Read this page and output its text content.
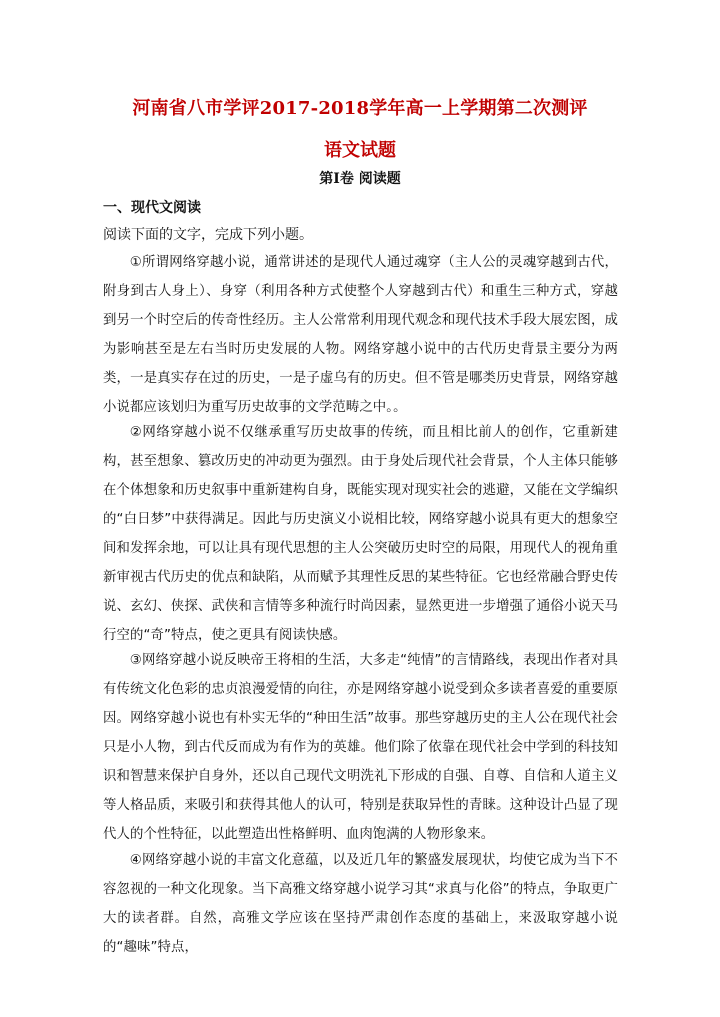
河南省八市学评2017-2018学年高一上学期第二次测评
语文试题
第Ⅰ卷 阅读题
一、现代文阅读
阅读下面的文字，完成下列小题。
①所谓网络穿越小说，通常讲述的是现代人通过魂穿（主人公的灵魂穿越到古代，附身到古人身上）、身穿（利用各种方式使整个人穿越到古代）和重生三种方式，穿越到另一个时空后的传奇性经历。主人公常常利用现代观念和现代技术手段大展宏图，成为影响甚至是左右当时历史发展的人物。网络穿越小说中的古代历史背景主要分为两类，一是真实存在过的历史，一是子虚乌有的历史。但不管是哪类历史背景，网络穿越小说都应该划归为重写历史故事的文学范畴之中。。
②网络穿越小说不仅继承重写历史故事的传统，而且相比前人的创作，它重新建构，甚至想象、篡改历史的冲动更为强烈。由于身处后现代社会背景，个人主体只能够在个体想象和历史叙事中重新建构自身，既能实现对现实社会的逃避，又能在文学编织的“白日梦”中获得满足。因此与历史演义小说相比较，网络穿越小说具有更大的想象空间和发挥余地，可以让具有现代思想的主人公突破历史时空的局限，用现代人的视角重新审视古代历史的优点和缺陷，从而赋予其理性反思的某些特征。它也经常融合野史传说、玄幻、侠探、武侠和言情等多种流行时尚因素，显然更进一步增强了通俗小说天马行空的“奇”特点，使之更具有阅读快感。
③网络穿越小说反映帝王将相的生活，大多走“纯情”的言情路线，表现出作者对具有传统文化色彩的忠贞浪漫爱情的向往，亦是网络穿越小说受到众多读者喜爱的重要原因。网络穿越小说也有朴实无华的“种田生活”故事。那些穿越历史的主人公在现代社会只是小人物，到古代反而成为有作为的英雄。他们除了依靠在现代社会中学到的科技知识和智慧来保护自身外，还以自己现代文明洗礼下形成的自强、自尊、自信和人道主义等人格品质，来吸引和获得其他人的认可，特别是获取异性的青睐。这种设计凸显了现代人的个性特征，以此塑造出性格鲜明、血肉饱满的人物形象来。
④网络穿越小说的丰富文化意蕴，以及近几年的繁盛发展现状，均使它成为当下不容忽视的一种文化现象。当下高雅文络穿越小说学习其“求真与化俗”的特点，争取更广大的读者群。自然，高雅文学应该在坚持严肃创作态度的基础上，来汲取穿越小说的“趣味”特点，
